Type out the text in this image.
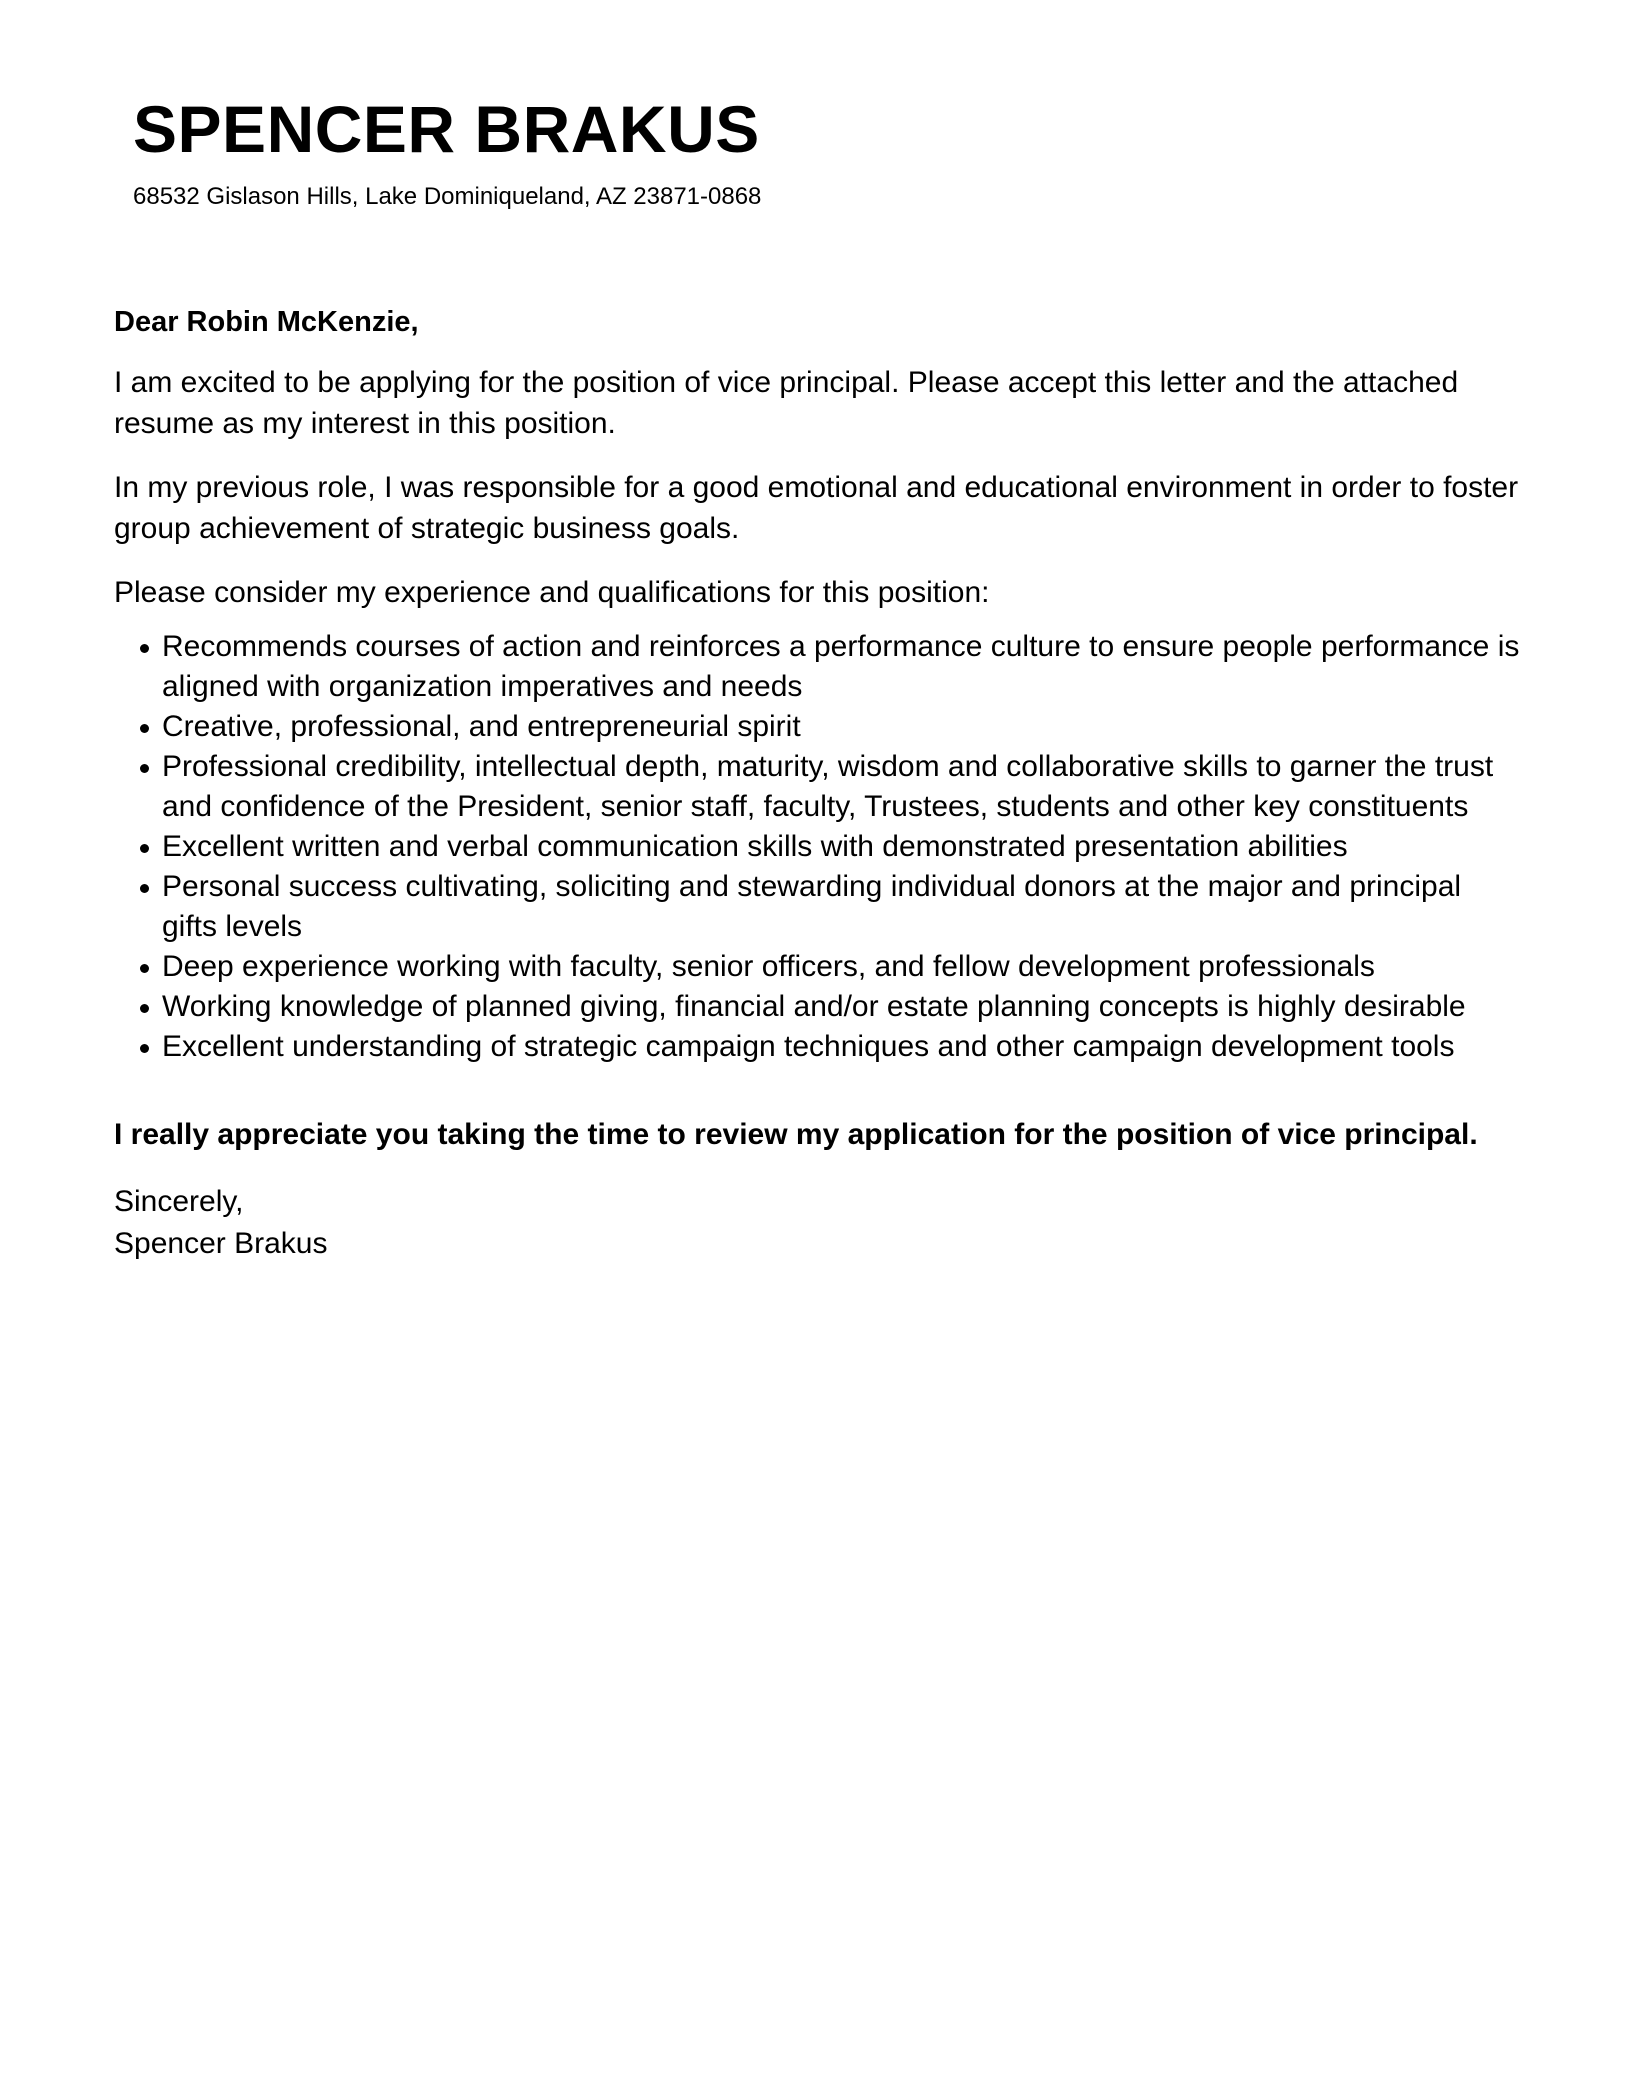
SPENCER BRAKUS

68532 Gislason Hills, Lake Dominiqueland, AZ 23871-0868

Dear Robin McKenzie,

I am excited to be applying for the position of vice principal. Please accept this letter and the attached resume as my interest in this position.

In my previous role, I was responsible for a good emotional and educational environment in order to foster group achievement of strategic business goals.

Please consider my experience and qualifications for this position:

Recommends courses of action and reinforces a performance culture to ensure people performance is aligned with organization imperatives and needs
Creative, professional, and entrepreneurial spirit
Professional credibility, intellectual depth, maturity, wisdom and collaborative skills to garner the trust and confidence of the President, senior staff, faculty, Trustees, students and other key constituents
Excellent written and verbal communication skills with demonstrated presentation abilities
Personal success cultivating, soliciting and stewarding individual donors at the major and principal gifts levels
Deep experience working with faculty, senior officers, and fellow development professionals
Working knowledge of planned giving, financial and/or estate planning concepts is highly desirable
Excellent understanding of strategic campaign techniques and other campaign development tools

I really appreciate you taking the time to review my application for the position of vice principal.

Sincerely,

Spencer Brakus
